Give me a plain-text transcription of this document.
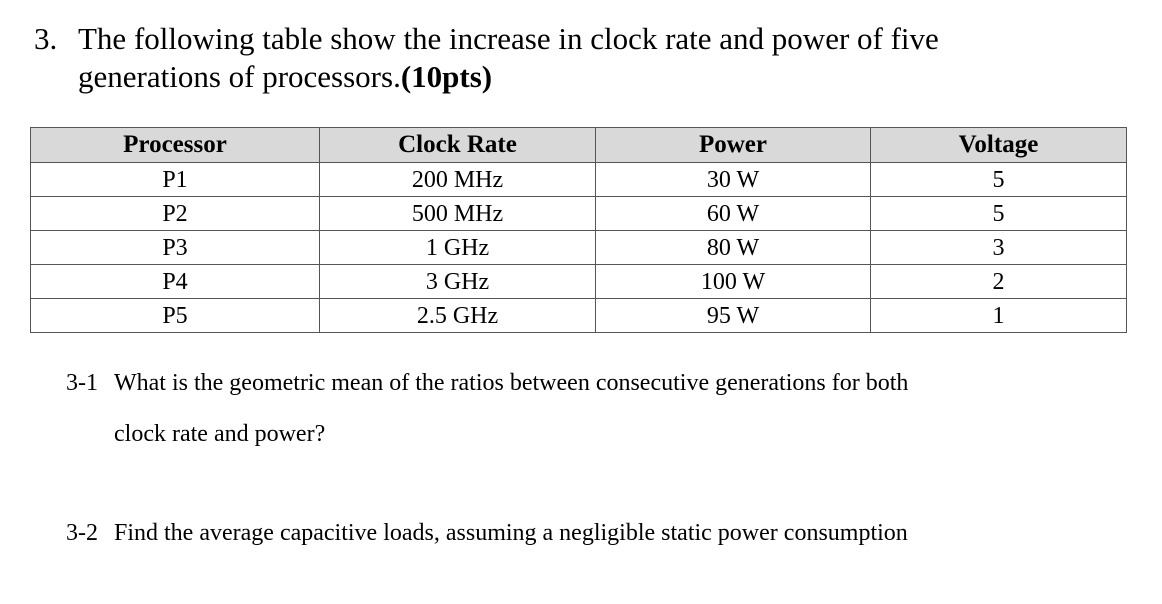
3. The following table show the increase in clock rate and power of five
generations of processors.(10pts)
Processor	Clock Rate	Power	Voltage
P1	200 MHz	30 W	5
P2	500 MHz	60 W	5
P3	1 GHz	80 W	3
P4	3 GHz	100 W	2
P5	2.5 GHz	95 W	1
3-1 What is the geometric mean of the ratios between consecutive generations for both
clock rate and power?
3-2 Find the average capacitive loads, assuming a negligible static power consumption
